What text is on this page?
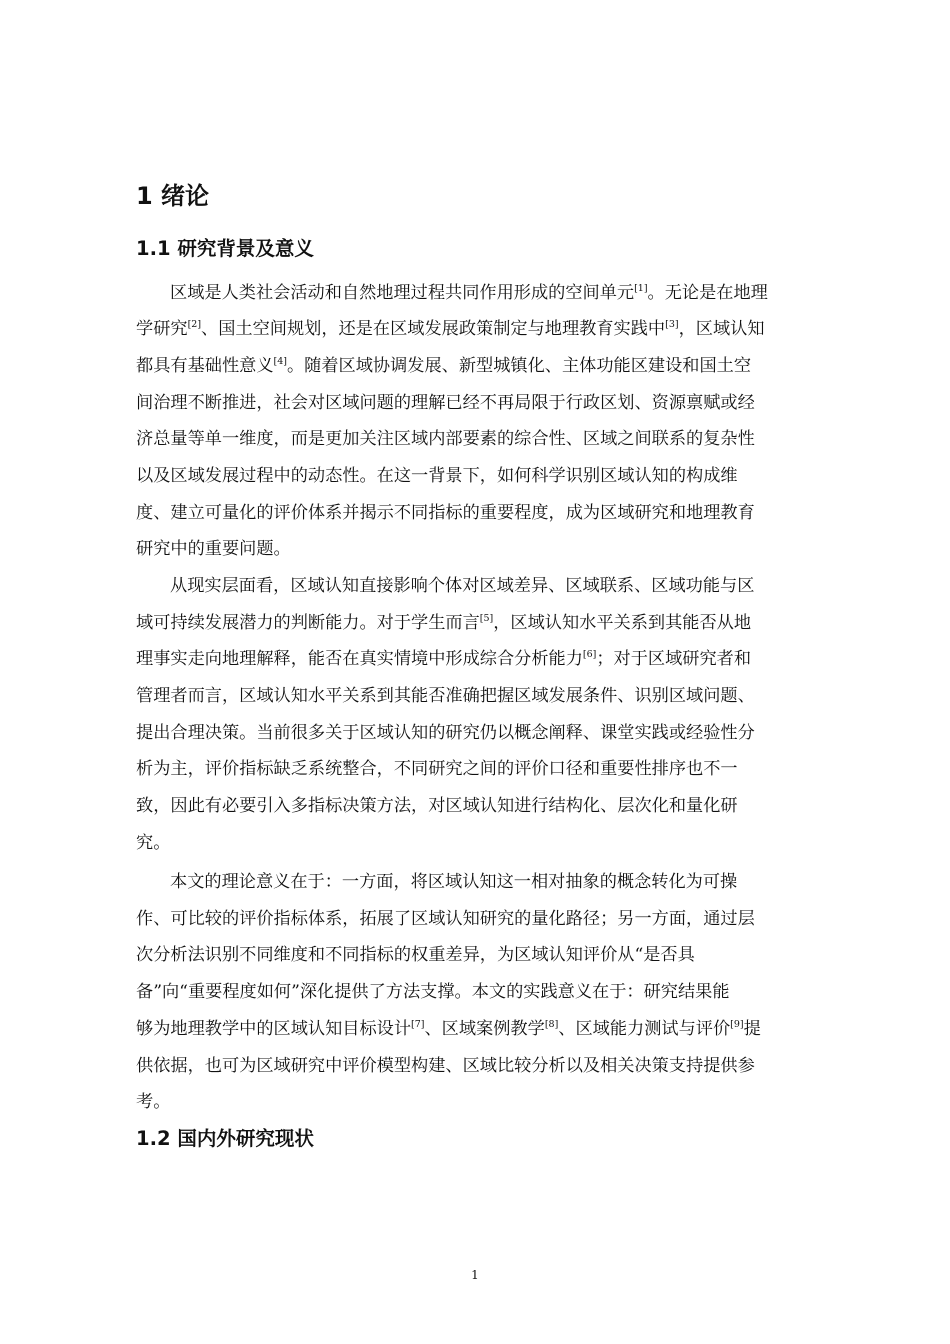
1 绪论
1.1 研究背景及意义

区域是人类社会活动和自然地理过程共同作用形成的空间单元[1]。无论是在地理

学研究[2]、国土空间规划，还是在区域发展政策制定与地理教育实践中[3]，区域认知

都具有基础性意义[4]。随着区域协调发展、新型城镇化、主体功能区建设和国土空

间治理不断推进，社会对区域问题的理解已经不再局限于行政区划、资源禀赋或经

济总量等单一维度，而是更加关注区域内部要素的综合性、区域之间联系的复杂性

以及区域发展过程中的动态性。在这一背景下，如何科学识别区域认知的构成维

度、建立可量化的评价体系并揭示不同指标的重要程度，成为区域研究和地理教育

研究中的重要问题。

从现实层面看，区域认知直接影响个体对区域差异、区域联系、区域功能与区

域可持续发展潜力的判断能力。对于学生而言[5]，区域认知水平关系到其能否从地

理事实走向地理解释，能否在真实情境中形成综合分析能力[6]；对于区域研究者和

管理者而言，区域认知水平关系到其能否准确把握区域发展条件、识别区域问题、

提出合理决策。当前很多关于区域认知的研究仍以概念阐释、课堂实践或经验性分

析为主，评价指标缺乏系统整合，不同研究之间的评价口径和重要性排序也不一

致，因此有必要引入多指标决策方法，对区域认知进行结构化、层次化和量化研

究。

本文的理论意义在于：一方面，将区域认知这一相对抽象的概念转化为可操

作、可比较的评价指标体系，拓展了区域认知研究的量化路径；另一方面，通过层

次分析法识别不同维度和不同指标的权重差异，为区域认知评价从“是否具

备”向“重要程度如何”深化提供了方法支撑。本文的实践意义在于：研究结果能

够为地理教学中的区域认知目标设计[7]、区域案例教学[8]、区域能力测试与评价[9]提

供依据，也可为区域研究中评价模型构建、区域比较分析以及相关决策支持提供参

考。

1.2 国内外研究现状
1
